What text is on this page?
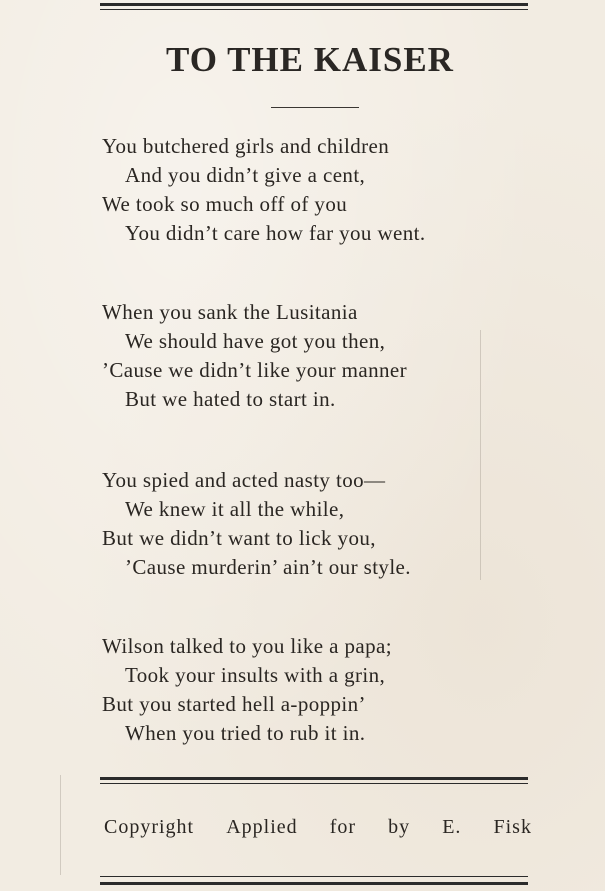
TO THE KAISER
You butchered girls and children
And you didn’t give a cent,
We took so much off of you
You didn’t care how far you went.
When you sank the Lusitania
We should have got you then,
’Cause we didn’t like your manner
But we hated to start in.
You spied and acted nasty too—
We knew it all the while,
But we didn’t want to lick you,
’Cause murderin’ ain’t our style.
Wilson talked to you like a papa;
Took your insults with a grin,
But you started hell a-poppin’
When you tried to rub it in.
Copyright Applied for by E. Fisk
